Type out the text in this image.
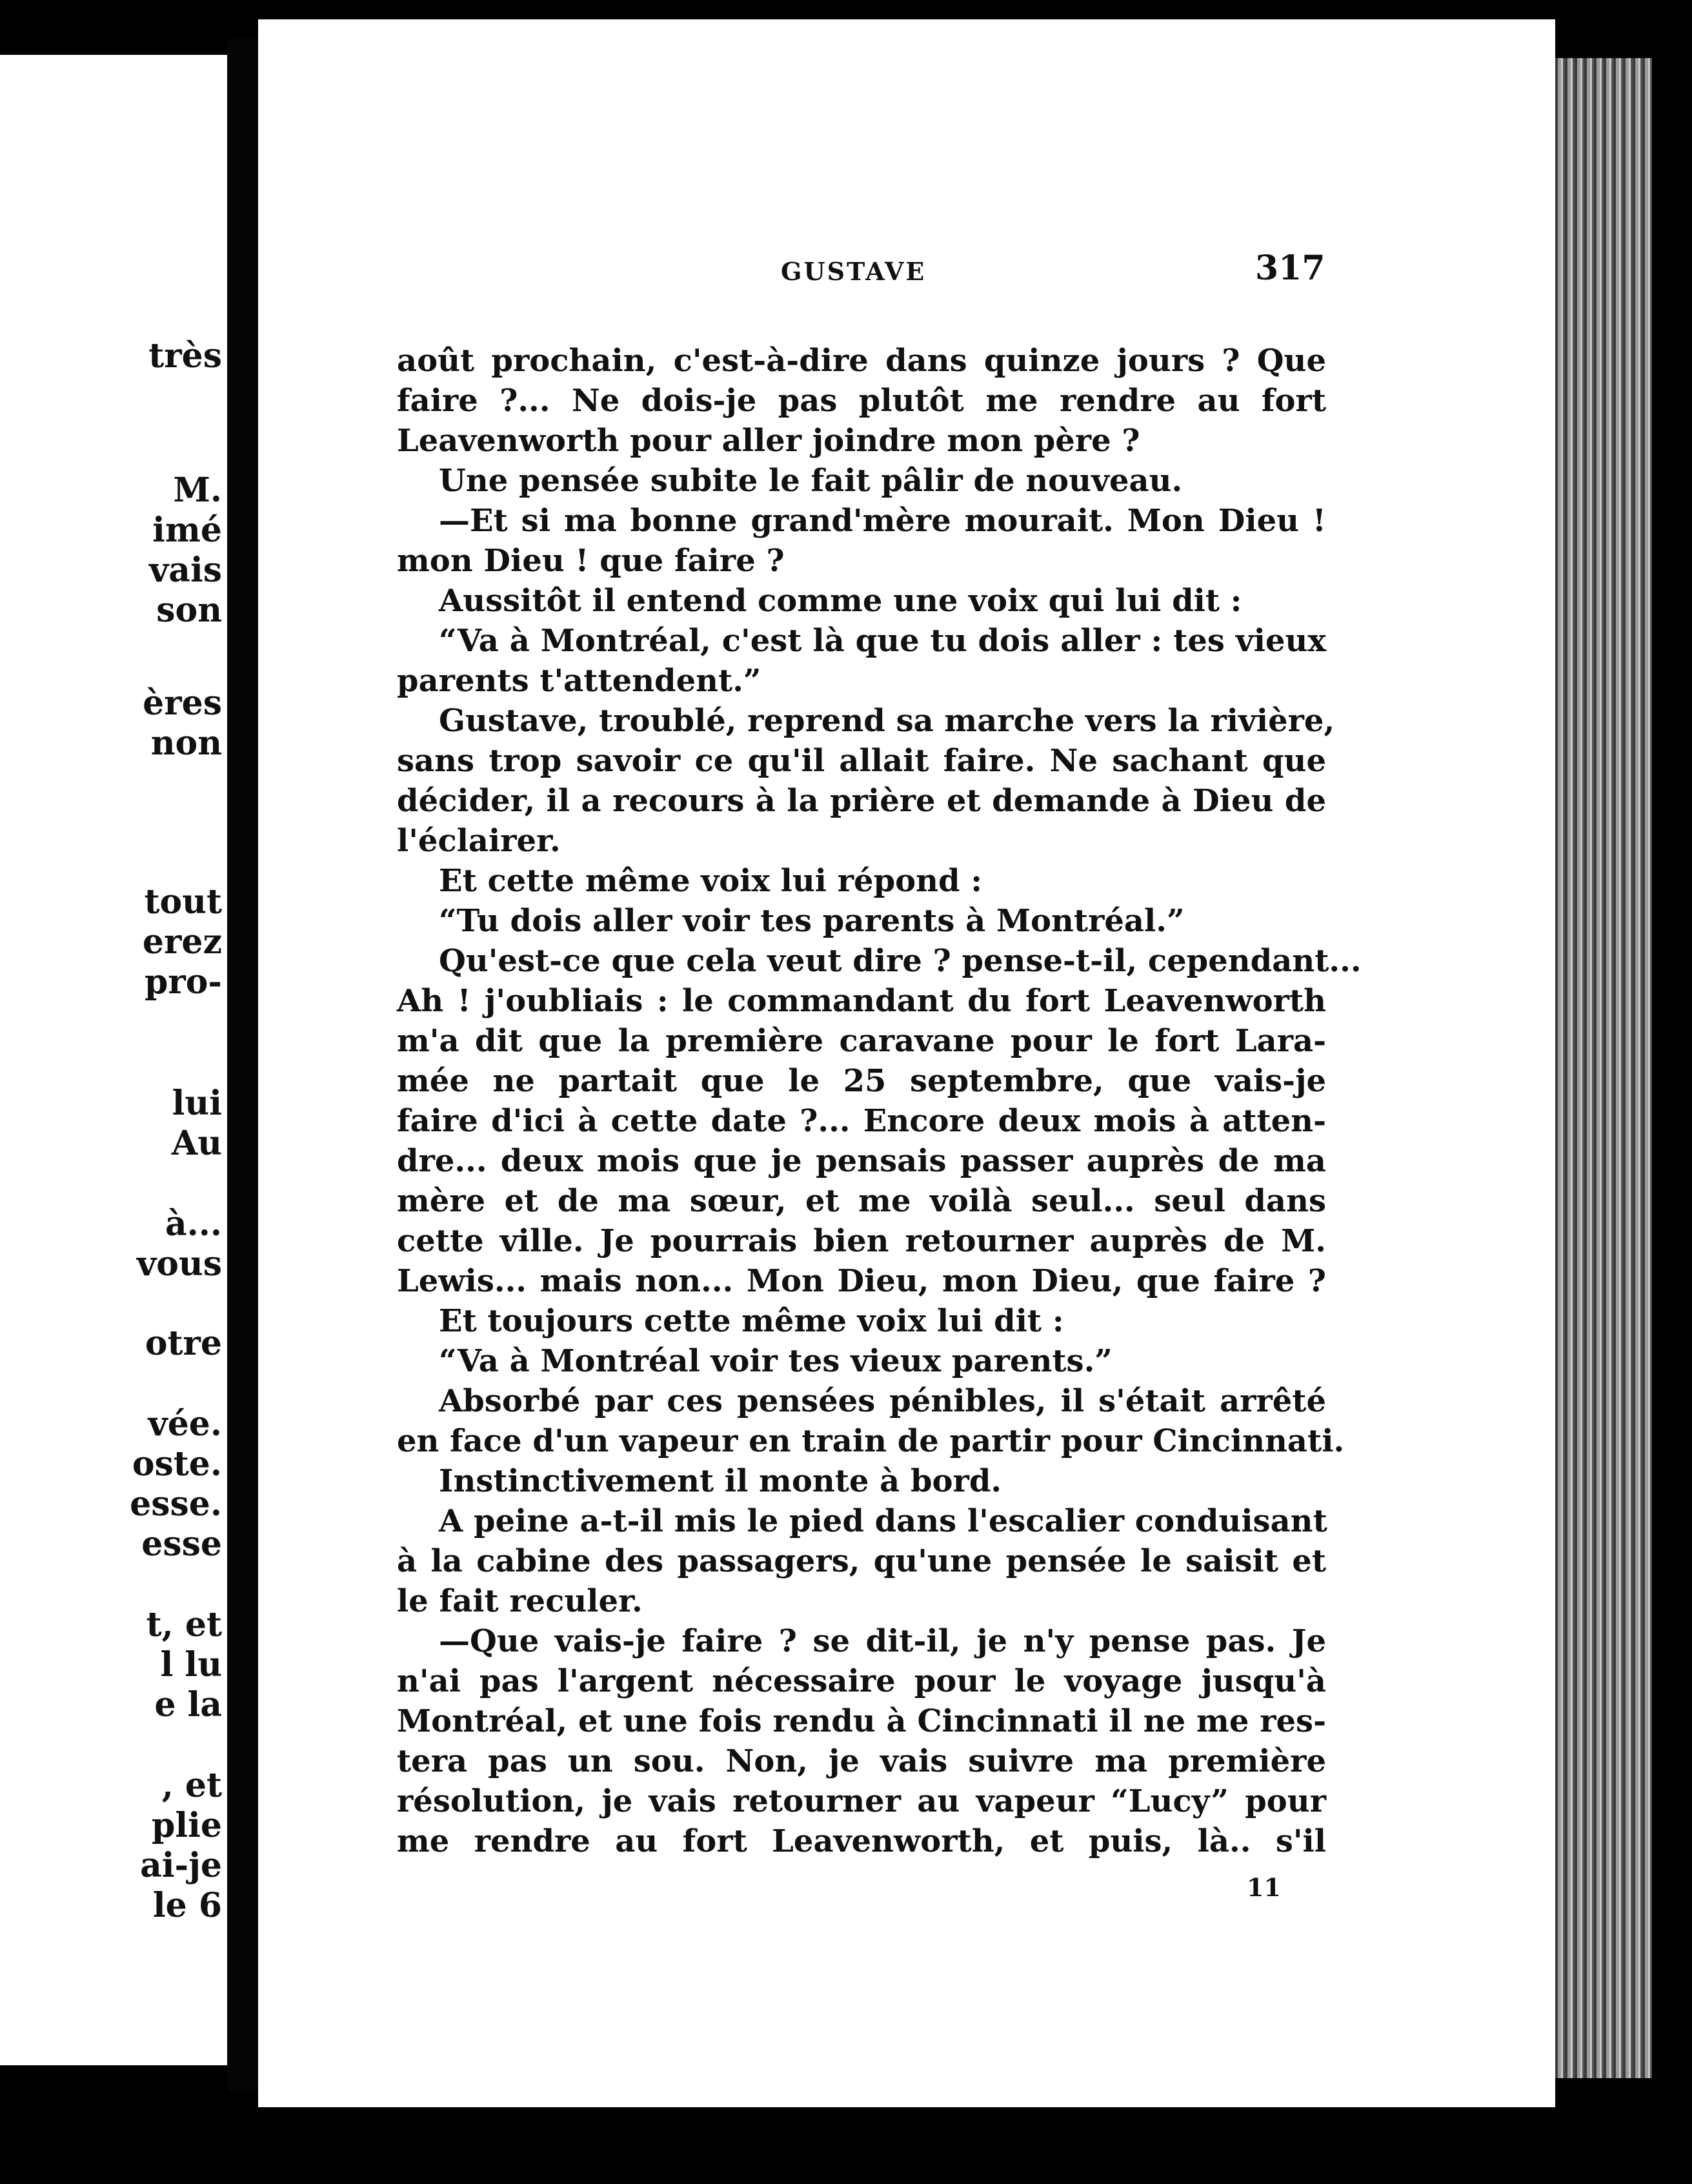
très
M.
imé
vais
son
ères
non
tout
erez
pro-
lui
Au
à...
vous
otre
vée.
oste.
esse.
esse
t, et
l lu
e la
, et
plie
ai-je
le 6
GUSTAVE	317
août prochain, c'est-à-dire dans quinze jours ? Que
faire ?... Ne dois-je pas plutôt me rendre au fort
Leavenworth pour aller joindre mon père ?
Une pensée subite le fait pâlir de nouveau.
—Et si ma bonne grand'mère mourait. Mon Dieu !
mon Dieu ! que faire ?
Aussitôt il entend comme une voix qui lui dit :
“Va à Montréal, c'est là que tu dois aller : tes vieux
parents t'attendent.”
Gustave, troublé, reprend sa marche vers la rivière,
sans trop savoir ce qu'il allait faire. Ne sachant que
décider, il a recours à la prière et demande à Dieu de
l'éclairer.
Et cette même voix lui répond :
“Tu dois aller voir tes parents à Montréal.”
Qu'est-ce que cela veut dire ? pense-t-il, cependant...
Ah ! j'oubliais : le commandant du fort Leavenworth
m'a dit que la première caravane pour le fort Lara-
mée ne partait que le 25 septembre, que vais-je
faire d'ici à cette date ?... Encore deux mois à atten-
dre... deux mois que je pensais passer auprès de ma
mère et de ma sœur, et me voilà seul... seul dans
cette ville. Je pourrais bien retourner auprès de M.
Lewis... mais non... Mon Dieu, mon Dieu, que faire ?
Et toujours cette même voix lui dit :
“Va à Montréal voir tes vieux parents.”
Absorbé par ces pensées pénibles, il s'était arrêté
en face d'un vapeur en train de partir pour Cincinnati.
Instinctivement il monte à bord.
A peine a-t-il mis le pied dans l'escalier conduisant
à la cabine des passagers, qu'une pensée le saisit et
le fait reculer.
—Que vais-je faire ? se dit-il, je n'y pense pas. Je
n'ai pas l'argent nécessaire pour le voyage jusqu'à
Montréal, et une fois rendu à Cincinnati il ne me res-
tera pas un sou. Non, je vais suivre ma première
résolution, je vais retourner au vapeur “Lucy” pour
me rendre au fort Leavenworth, et puis, là.. s'il
11
